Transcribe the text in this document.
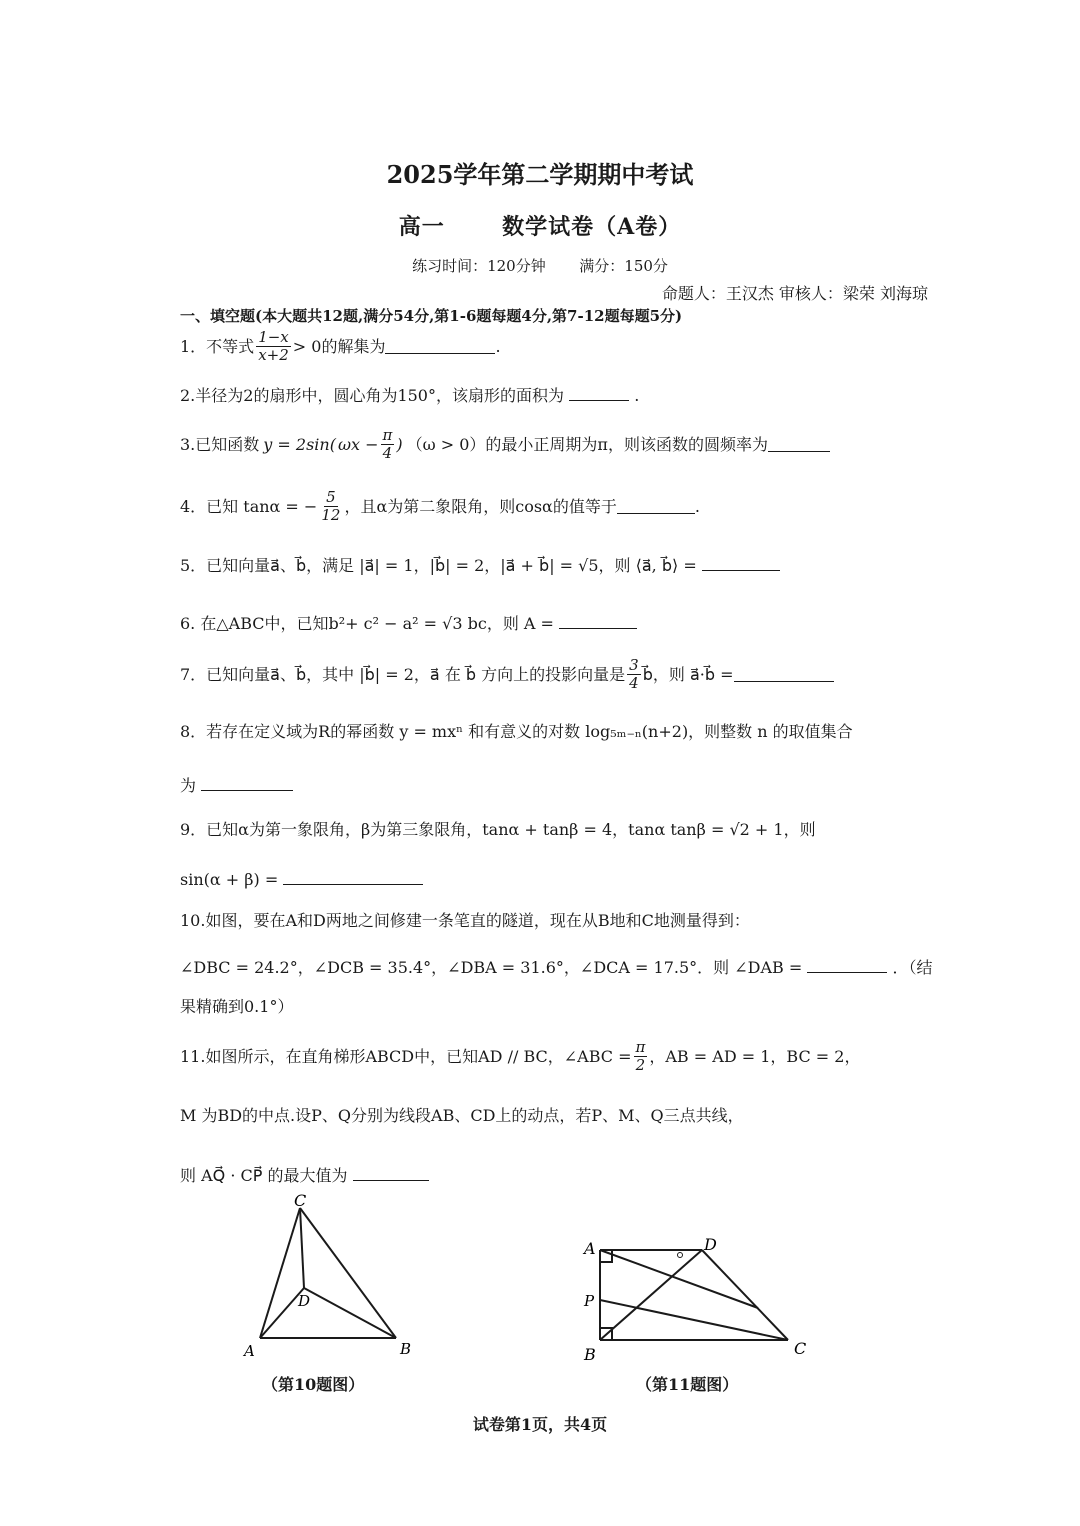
2025学年第二学期期中考试
高一	数学试卷（A卷）
练习时间：120分钟 满分：150分
命题人：王汉杰 审核人：梁荣 刘海琼
一、填空题(本大题共12题,满分54分,第1-6题每题4分,第7-12题每题5分)
1．不等式 $\frac{1-x}{x+2} > 0$ 的解集为	.
2.半径为2的扇形中，圆心角为150°，该扇形的面积为	.
3.已知函数 y = 2sin( $\omega x - \frac{\pi}{4}$ ) （ω > 0）的最小正周期为π，则该函数的圆频率为
4．已知 tanα = − $\frac{5}{12}$ ，且α为第二象限角，则cosα的值等于	.
5．已知向量a⃗、b⃗，满足 |a⃗| = 1，|b⃗| = 2，|a⃗ + b⃗| = √5，则 ⟨a⃗, b⃗⟩ =
6. 在△ABC中，已知b²+ c² − a² = √3 bc，则 A =
7．已知向量a⃗、b⃗，其中 |b⃗| = 2，a⃗ 在 b⃗ 方向上的投影向量是 $\frac{3}{4}$ b⃗，则 a⃗·b⃗ =
8．若存在定义域为R的幂函数 y = mxⁿ 和有意义的对数 log₅ₘ₋ₙ(n+2)，则整数 n 的取值集合
为
9．已知α为第一象限角，β为第三象限角，tanα + tanβ = 4，tanα tanβ = √2 + 1，则
sin(α + β) =
10.如图，要在A和D两地之间修建一条笔直的隧道，现在从B地和C地测量得到：
∠DBC = 24.2°，∠DCB = 35.4°，∠DBA = 31.6°，∠DCA = 17.5°．则 ∠DAB =	．（结
果精确到0.1°）
11.如图所示，在直角梯形ABCD中，已知AD // BC，∠ABC = $\frac{\pi}{2}$ ，AB = AD = 1，BC = 2，
M 为BD的中点.设P、Q分别为线段AB、CD上的动点，若P、M、Q三点共线，
则 AQ⃗ · CP⃗ 的最大值为
C
D
A	B
（第10题图）
A	D
P
B	C
（第11题图）
试卷第1页，共4页
